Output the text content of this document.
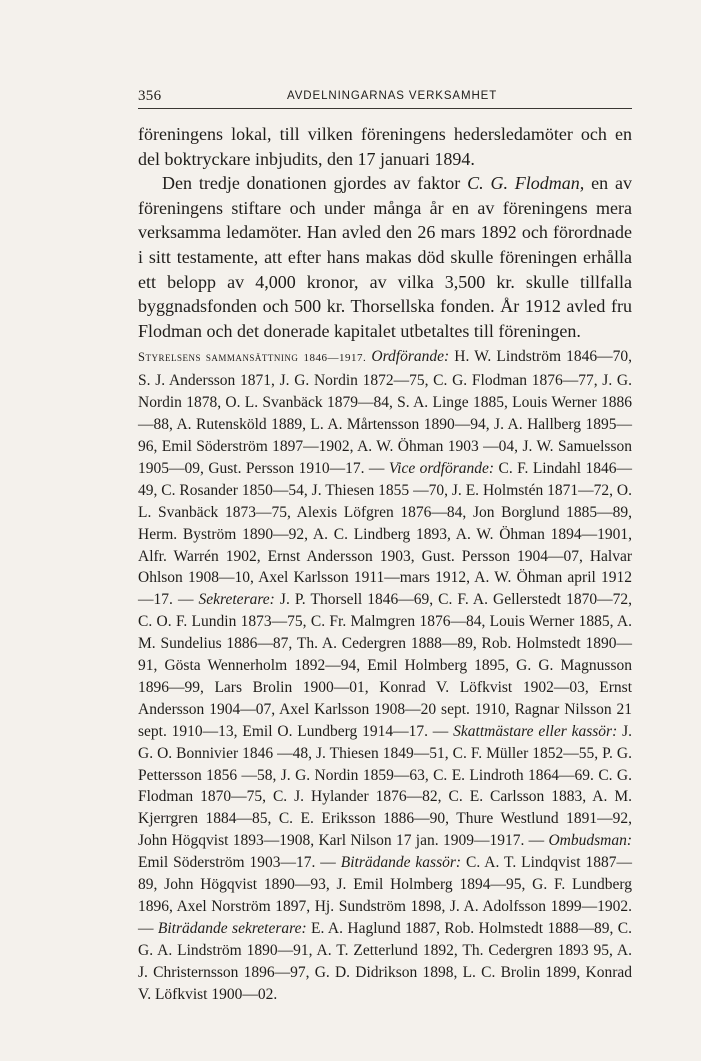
356	AVDELNINGARNAS VERKSAMHET

föreningens lokal, till vilken föreningens hedersledamöter och en del boktryckare inbjudits, den 17 januari 1894.

Den tredje donationen gjordes av faktor C. G. Flodman, en av föreningens stiftare och under många år en av föreningens mera verksamma ledamöter. Han avled den 26 mars 1892 och förordnade i sitt testamente, att efter hans makas död skulle föreningen erhålla ett belopp av 4,000 kronor, av vilka 3,500 kr. skulle tillfalla byggnadsfonden och 500 kr. Thorsellska fonden. År 1912 avled fru Flodman och det donerade kapitalet utbetaltes till föreningen.

Styrelsens sammansättning 1846—1917. Ordförande: H. W. Lindström 1846—70, S. J. Andersson 1871, J. G. Nordin 1872—75, C. G. Flodman 1876—77, J. G. Nordin 1878, O. L. Svanbäck 1879—84, S. A. Linge 1885, Louis Werner 1886—88, A. Rutensköld 1889, L. A. Mårtensson 1890—94, J. A. Hallberg 1895—96, Emil Söderström 1897—1902, A. W. Öhman 1903 —04, J. W. Samuelsson 1905—09, Gust. Persson 1910—17. — Vice ordförande: C. F. Lindahl 1846—49, C. Rosander 1850—54, J. Thiesen 1855 —70, J. E. Holmstén 1871—72, O. L. Svanbäck 1873—75, Alexis Löfgren 1876—84, Jon Borglund 1885—89, Herm. Byström 1890—92, A. C. Lindberg 1893, A. W. Öhman 1894—1901, Alfr. Warrén 1902, Ernst Andersson 1903, Gust. Persson 1904—07, Halvar Ohlson 1908—10, Axel Karlsson 1911—mars 1912, A. W. Öhman april 1912—17. — Sekreterare: J. P. Thorsell 1846—69, C. F. A. Gellerstedt 1870—72, C. O. F. Lundin 1873—75, C. Fr. Malmgren 1876—84, Louis Werner 1885, A. M. Sundelius 1886—87, Th. A. Cedergren 1888—89, Rob. Holmstedt 1890—91, Gösta Wennerholm 1892—94, Emil Holmberg 1895, G. G. Magnusson 1896—99, Lars Brolin 1900—01, Konrad V. Löfkvist 1902—03, Ernst Andersson 1904—07, Axel Karlsson 1908—20 sept. 1910, Ragnar Nilsson 21 sept. 1910—13, Emil O. Lundberg 1914—17. — Skattmästare eller kassör: J. G. O. Bonnivier 1846 —48, J. Thiesen 1849—51, C. F. Müller 1852—55, P. G. Pettersson 1856 —58, J. G. Nordin 1859—63, C. E. Lindroth 1864—69. C. G. Flodman 1870—75, C. J. Hylander 1876—82, C. E. Carlsson 1883, A. M. Kjerrgren 1884—85, C. E. Eriksson 1886—90, Thure Westlund 1891—92, John Högqvist 1893—1908, Karl Nilson 17 jan. 1909—1917. — Ombudsman: Emil Söderström 1903—17. — Biträdande kassör: C. A. T. Lindqvist 1887—89, John Högqvist 1890—93, J. Emil Holmberg 1894—95, G. F. Lundberg 1896, Axel Norström 1897, Hj. Sundström 1898, J. A. Adolfsson 1899—1902. — Biträdande sekreterare: E. A. Haglund 1887, Rob. Holmstedt 1888—89, C. G. A. Lindström 1890—91, A. T. Zetterlund 1892, Th. Cedergren 1893 95, A. J. Christernsson 1896—97, G. D. Didrikson 1898, L. C. Brolin 1899, Konrad V. Löfkvist 1900—02.
